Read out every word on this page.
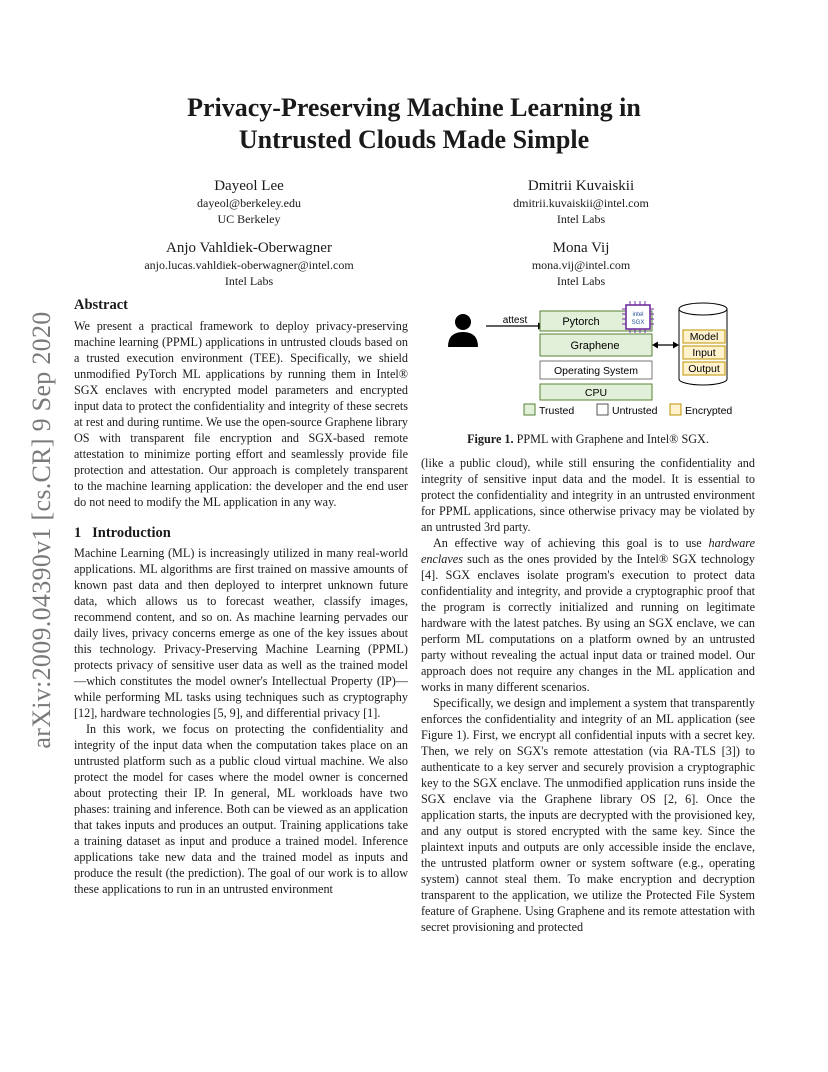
arXiv:2009.04390v1 [cs.CR] 9 Sep 2020
Privacy-Preserving Machine Learning in
Untrusted Clouds Made Simple
Dayeol Lee
dayeol@berkeley.edu
UC Berkeley
Dmitrii Kuvaiskii
dmitrii.kuvaiskii@intel.com
Intel Labs
Anjo Vahldiek-Oberwagner
anjo.lucas.vahldiek-oberwagner@intel.com
Intel Labs
Mona Vij
mona.vij@intel.com
Intel Labs
Abstract

We present a practical framework to deploy privacy-preserving machine learning (PPML) applications in untrusted clouds based on a trusted execution environment (TEE). Specifically, we shield unmodified PyTorch ML applications by running them in Intel® SGX enclaves with encrypted model parameters and encrypted input data to protect the confidentiality and integrity of these secrets at rest and during runtime. We use the open-source Graphene library OS with transparent file encryption and SGX-based remote attestation to minimize porting effort and seamlessly provide file protection and attestation. Our approach is completely transparent to the machine learning application: the developer and the end user do not need to modify the ML application in any way.

1   Introduction

Machine Learning (ML) is increasingly utilized in many real-world applications. ML algorithms are first trained on massive amounts of known past data and then deployed to interpret unknown future data, which allows us to forecast weather, classify images, recommend content, and so on. As machine learning pervades our daily lives, privacy concerns emerge as one of the key issues about this technology. Privacy-Preserving Machine Learning (PPML) protects privacy of sensitive user data as well as the trained model—which constitutes the model owner's Intellectual Property (IP)—while performing ML tasks using techniques such as cryptography [12], hardware technologies [5, 9], and differential privacy [1].

In this work, we focus on protecting the confidentiality and integrity of the input data when the computation takes place on an untrusted platform such as a public cloud virtual machine. We also protect the model for cases where the model owner is concerned about protecting their IP. In general, ML workloads have two phases: training and inference. Both can be viewed as an application that takes inputs and produces an output. Training applications take a training dataset as input and produce a trained model. Inference applications take new data and the trained model as inputs and produce the result (the prediction). The goal of our work is to allow these applications to run in an untrusted environment

attest	Pytorch
Graphene
intel
SGX
Model
Input
Output
Operating System
CPU
Trusted	Untrusted	Encrypted
Figure 1. PPML with Graphene and Intel® SGX.

(like a public cloud), while still ensuring the confidentiality and integrity of sensitive input data and the model. It is essential to protect the confidentiality and integrity in an untrusted environment for PPML applications, since otherwise privacy may be violated by an untrusted 3rd party.

An effective way of achieving this goal is to use hardware enclaves such as the ones provided by the Intel® SGX technology [4]. SGX enclaves isolate program's execution to protect data confidentiality and integrity, and provide a cryptographic proof that the program is correctly initialized and running on legitimate hardware with the latest patches. By using an SGX enclave, we can perform ML computations on a platform owned by an untrusted party without revealing the actual input data or trained model. Our approach does not require any changes in the ML application and works in many different scenarios.

Specifically, we design and implement a system that transparently enforces the confidentiality and integrity of an ML application (see Figure 1). First, we encrypt all confidential inputs with a secret key. Then, we rely on SGX's remote attestation (via RA-TLS [3]) to authenticate to a key server and securely provision a cryptographic key to the SGX enclave. The unmodified application runs inside the SGX enclave via the Graphene library OS [2, 6]. Once the application starts, the inputs are decrypted with the provisioned key, and any output is stored encrypted with the same key. Since the plaintext inputs and outputs are only accessible inside the enclave, the untrusted platform owner or system software (e.g., operating system) cannot steal them. To make encryption and decryption transparent to the application, we utilize the Protected File System feature of Graphene. Using Graphene and its remote attestation with secret provisioning and protected
